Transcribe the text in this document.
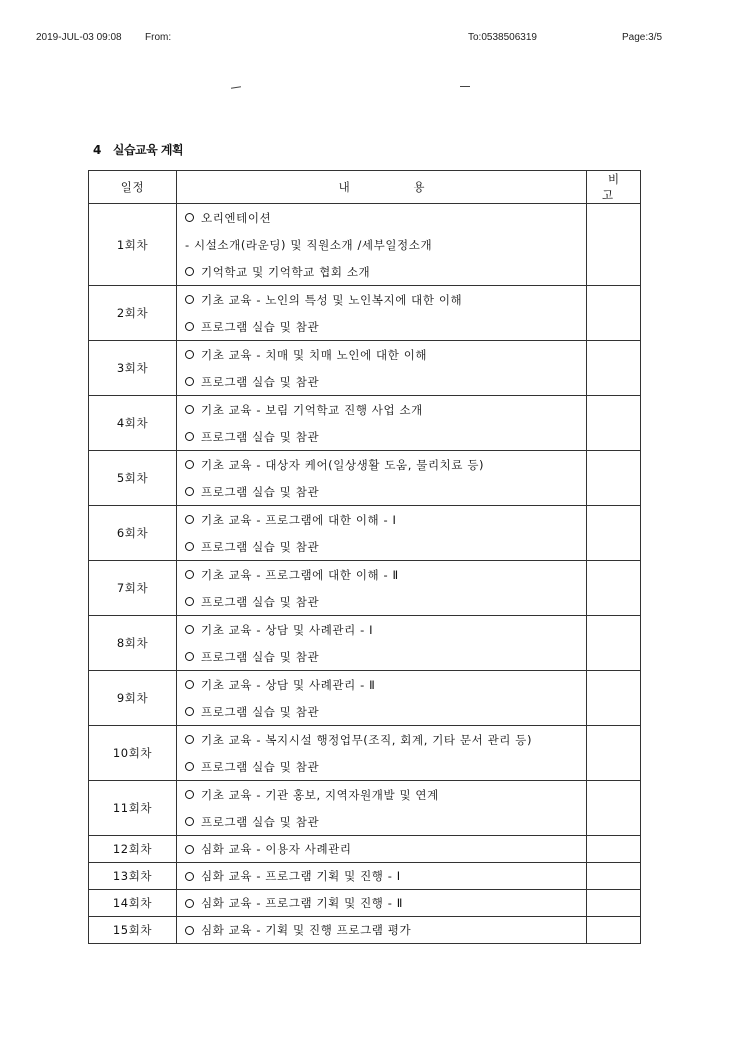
2019-JUL-03 09:08 From:	To:0538506319	Page:3/5
4 실습교육 계획
일정	내 용	비 고
1회차	오리엔테이션
- 시설소개(라운딩) 및 직원소개 /세부일정소개
기억학교 및 기억학교 협회 소개	

2회차	기초 교육 - 노인의 특성 및 노인복지에 대한 이해
프로그램 실습 및 참관	

3회차	기초 교육 - 치매 및 치매 노인에 대한 이해
프로그램 실습 및 참관	

4회차	기초 교육 - 보림 기억학교 진행 사업 소개
프로그램 실습 및 참관	

5회차	기초 교육 - 대상자 케어(일상생활 도움, 물리치료 등)
프로그램 실습 및 참관	

6회차	기초 교육 - 프로그램에 대한 이해 - Ⅰ
프로그램 실습 및 참관	

7회차	기초 교육 - 프로그램에 대한 이해 - Ⅱ
프로그램 실습 및 참관	

8회차	기초 교육 - 상담 및 사례관리 - Ⅰ
프로그램 실습 및 참관	

9회차	기초 교육 - 상담 및 사례관리 - Ⅱ
프로그램 실습 및 참관	

10회차	기초 교육 - 복지시설 행정업무(조직, 회계, 기타 문서 관리 등)
프로그램 실습 및 참관	

11회차	기초 교육 - 기관 홍보, 지역자원개발 및 연계
프로그램 실습 및 참관	

12회차	심화 교육 - 이용자 사례관리	

13회차	심화 교육 - 프로그램 기획 및 진행 - Ⅰ	

14회차	심화 교육 - 프로그램 기획 및 진행 - Ⅱ	

15회차	심화 교육 - 기획 및 진행 프로그램 평가	
